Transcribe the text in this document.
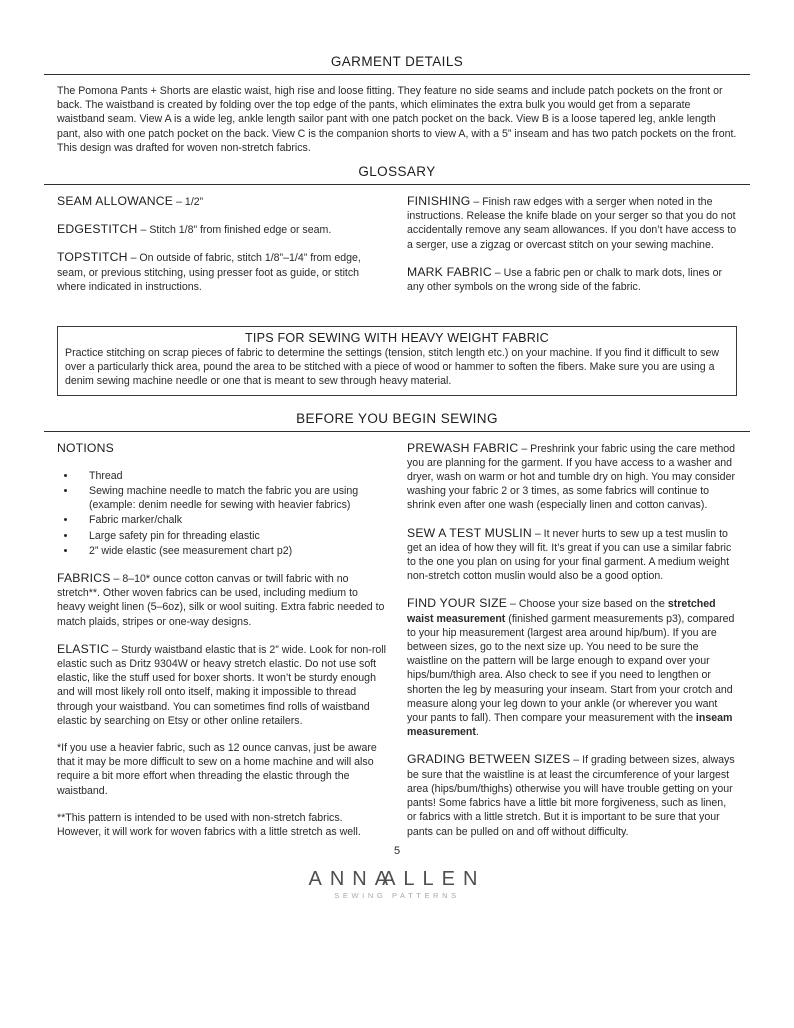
GARMENT DETAILS

The Pomona Pants + Shorts are elastic waist, high rise and loose fitting. They feature no side seams and include patch pockets on the front or back. The waistband is created by folding over the top edge of the pants, which eliminates the extra bulk you would get from a separate waistband seam. View A is a wide leg, ankle length sailor pant with one patch pocket on the back. View B is a loose tapered leg, ankle length pant, also with one patch pocket on the back. View C is the companion shorts to view A, with a 5” inseam and has two patch pockets on the front. This design was drafted for woven non-stretch fabrics.

GLOSSARY

SEAM ALLOWANCE – 1/2”

EDGESTITCH – Stitch 1/8” from finished edge or seam.

TOPSTITCH – On outside of fabric, stitch 1/8”–1/4” from edge, seam, or previous stitching, using presser foot as guide, or stitch where indicated in instructions.

FINISHING – Finish raw edges with a serger when noted in the instructions. Release the knife blade on your serger so that you do not accidentally remove any seam allowances. If you don’t have access to a serger, use a zigzag or overcast stitch on your sewing machine.

MARK FABRIC – Use a fabric pen or chalk to mark dots, lines or any other symbols on the wrong side of the fabric.

TIPS FOR SEWING WITH HEAVY WEIGHT FABRIC

Practice stitching on scrap pieces of fabric to determine the settings (tension, stitch length etc.) on your machine. If you find it difficult to sew over a particularly thick area, pound the area to be stitched with a piece of wood or hammer to soften the fibers. Make sure you are using a denim sewing machine needle or one that is meant to sew through heavy material.

BEFORE YOU BEGIN SEWING

NOTIONS

• Thread
• Sewing machine needle to match the fabric you are using (example: denim needle for sewing with heavier fabrics)
• Fabric marker/chalk
• Large safety pin for threading elastic
• 2” wide elastic (see measurement chart p2)

FABRICS – 8–10* ounce cotton canvas or twill fabric with no stretch**. Other woven fabrics can be used, including medium to heavy weight linen (5–6oz), silk or wool suiting. Extra fabric needed to match plaids, stripes or one-way designs.

ELASTIC – Sturdy waistband elastic that is 2” wide. Look for non-roll elastic such as Dritz 9304W or heavy stretch elastic. Do not use soft elastic, like the stuff used for boxer shorts. It won’t be sturdy enough and will most likely roll onto itself, making it impossible to thread through your waistband. You can sometimes find rolls of waistband elastic by searching on Etsy or other online retailers.

*If you use a heavier fabric, such as 12 ounce canvas, just be aware that it may be more difficult to sew on a home machine and will also require a bit more effort when threading the elastic through the waistband.

**This pattern is intended to be used with non-stretch fabrics. However, it will work for woven fabrics with a little stretch as well.

PREWASH FABRIC – Preshrink your fabric using the care method you are planning for the garment. If you have access to a washer and dryer, wash on warm or hot and tumble dry on high. You may consider washing your fabric 2 or 3 times, as some fabrics will continue to shrink even after one wash (especially linen and cotton canvas).

SEW A TEST MUSLIN – It never hurts to sew up a test muslin to get an idea of how they will fit. It’s great if you can use a similar fabric to the one you plan on using for your final garment. A medium weight non-stretch cotton muslin would also be a good option.

FIND YOUR SIZE – Choose your size based on the stretched waist measurement (finished garment measurements p3), compared to your hip measurement (largest area around hip/bum). If you are between sizes, go to the next size up. You need to be sure the waistline on the pattern will be large enough to expand over your hips/bum/thigh area. Also check to see if you need to lengthen or shorten the leg by measuring your inseam. Start from your crotch and measure along your leg down to your ankle (or wherever you want your pants to fall). Then compare your measurement with the inseam measurement.

GRADING BETWEEN SIZES – If grading between sizes, always be sure that the waistline is at least the circumference of your largest area (hips/bum/thighs) otherwise you will have trouble getting on your pants! Some fabrics have a little bit more forgiveness, such as linen, or fabrics with a little stretch. But it is important to be sure that your pants can be pulled on and off without difficulty.

5
ANNAALLEN
SEWING PATTERNS
